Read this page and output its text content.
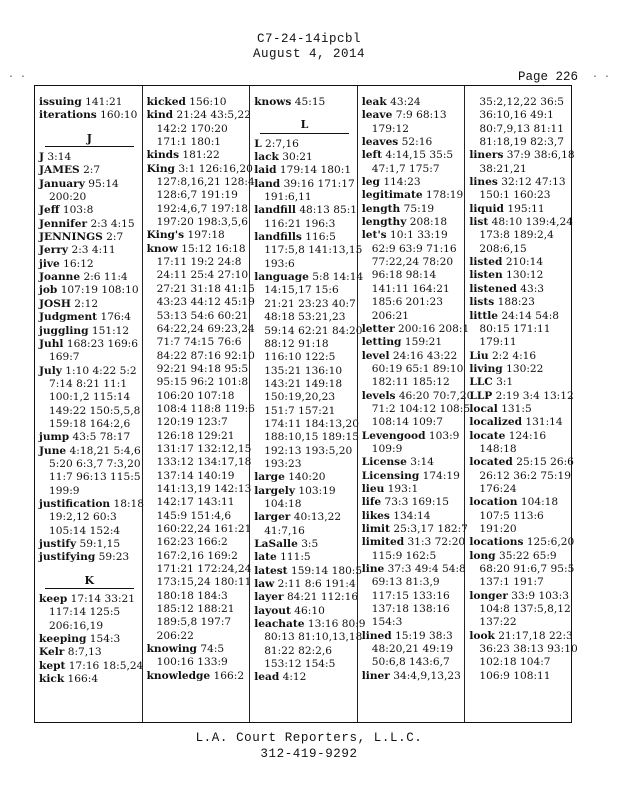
C7-24-14ipcbl
August 4, 2014
. .	. .
Page 226
issuing 141:21
iterations 160:10
J
J 3:14
JAMES 2:7
January 95:14
200:20
Jeff 103:8
Jennifer 2:3 4:15
JENNINGS 2:7
Jerry 2:3 4:11
jive 16:12
Joanne 2:6 11:4
job 107:19 108:10
JOSH 2:12
Judgment 176:4
juggling 151:12
Juhl 168:23 169:6
169:7
July 1:10 4:22 5:2
7:14 8:21 11:1
100:1,2 115:14
149:22 150:5,5,8
159:18 164:2,6
jump 43:5 78:17
June 4:18,21 5:4,6
5:20 6:3,7 7:3,20
11:7 96:13 115:5
199:9
justification 18:18
19:2,12 60:3
105:14 152:4
justify 59:1,15
justifying 59:23
K
keep 17:14 33:21
117:14 125:5
206:16,19
keeping 154:3
Kelr 8:7,13
kept 17:16 18:5,24
kick 166:4
kicked 156:10
kind 21:24 43:5,22
142:2 170:20
171:1 180:1
kinds 181:22
King 3:1 126:16,20
127:8,16,21 128:4
128:6,7 191:19
192:4,6,7 197:18
197:20 198:3,5,6
King's 197:18
know 15:12 16:18
17:11 19:2 24:8
24:11 25:4 27:10
27:21 31:18 41:15
43:23 44:12 45:19
53:13 54:6 60:21
64:22,24 69:23,24
71:7 74:15 76:6
84:22 87:16 92:10
92:21 94:18 95:5
95:15 96:2 101:8
106:20 107:18
108:4 118:8 119:6
120:19 123:7
126:18 129:21
131:17 132:12,15
133:12 134:17,18
137:14 140:19
141:13,19 142:13
142:17 143:11
145:9 151:4,6
160:22,24 161:21
162:23 166:2
167:2,16 169:2
171:21 172:24,24
173:15,24 180:11
180:18 184:3
185:12 188:21
189:5,8 197:7
206:22
knowing 74:5
100:16 133:9
knowledge 166:2
knows 45:15
L
L 2:7,16
lack 30:21
laid 179:14 180:1
land 39:16 171:17
191:6,11
landfill 48:13 85:1
116:21 196:3
landfills 116:5
117:5,8 141:13,15
193:6
language 5:8 14:14
14:15,17 15:6
21:21 23:23 40:7
48:18 53:21,23
59:14 62:21 84:20
88:12 91:18
116:10 122:5
135:21 136:10
143:21 149:18
150:19,20,23
151:7 157:21
174:11 184:13,20
188:10,15 189:15
192:13 193:5,20
193:23
large 140:20
largely 103:19
104:18
larger 40:13,22
41:7,16
LaSalle 3:5
late 111:5
latest 159:14 180:5
law 2:11 8:6 191:4
layer 84:21 112:16
layout 46:10
leachate 13:16 80:9
80:13 81:10,13,18
81:22 82:2,6
153:12 154:5
lead 4:12
leak 43:24
leave 7:9 68:13
179:12
leaves 52:16
left 4:14,15 35:5
47:1,7 175:7
leg 114:23
legitimate 178:19
length 75:19
lengthy 208:18
let's 10:1 33:19
62:9 63:9 71:16
77:22,24 78:20
96:18 98:14
141:11 164:21
185:6 201:23
206:21
letter 200:16 208:1
letting 159:21
level 24:16 43:22
60:19 65:1 89:10
182:11 185:12
levels 46:20 70:7,20
71:2 104:12 108:5
108:14 109:7
Levengood 103:9
109:9
License 3:14
Licensing 174:19
lieu 193:1
life 73:3 169:15
likes 134:14
limit 25:3,17 182:7
limited 31:3 72:20
115:9 162:5
line 37:3 49:4 54:8
69:13 81:3,9
117:15 133:16
137:18 138:16
154:3
lined 15:19 38:3
48:20,21 49:19
50:6,8 143:6,7
liner 34:4,9,13,23
35:2,12,22 36:5
36:10,16 49:1
80:7,9,13 81:11
81:18,19 82:3,7
liners 37:9 38:6,18
38:21,21
lines 32:12 47:13
150:1 160:23
liquid 195:11
list 48:10 139:4,24
173:8 189:2,4
208:6,15
listed 210:14
listen 130:12
listened 43:3
lists 188:23
little 24:14 54:8
80:15 171:11
179:11
Liu 2:2 4:16
living 130:22
LLC 3:1
LLP 2:19 3:4 13:12
local 131:5
localized 131:14
locate 124:16
148:18
located 25:15 26:6
26:12 36:2 75:19
176:24
location 104:18
107:5 113:6
191:20
locations 125:6,20
long 35:22 65:9
68:20 91:6,7 95:5
137:1 191:7
longer 33:9 103:3
104:8 137:5,8,12
137:22
look 21:17,18 22:3
36:23 38:13 93:10
102:18 104:7
106:9 108:11
L.A. Court Reporters, L.L.C.
312-419-9292
